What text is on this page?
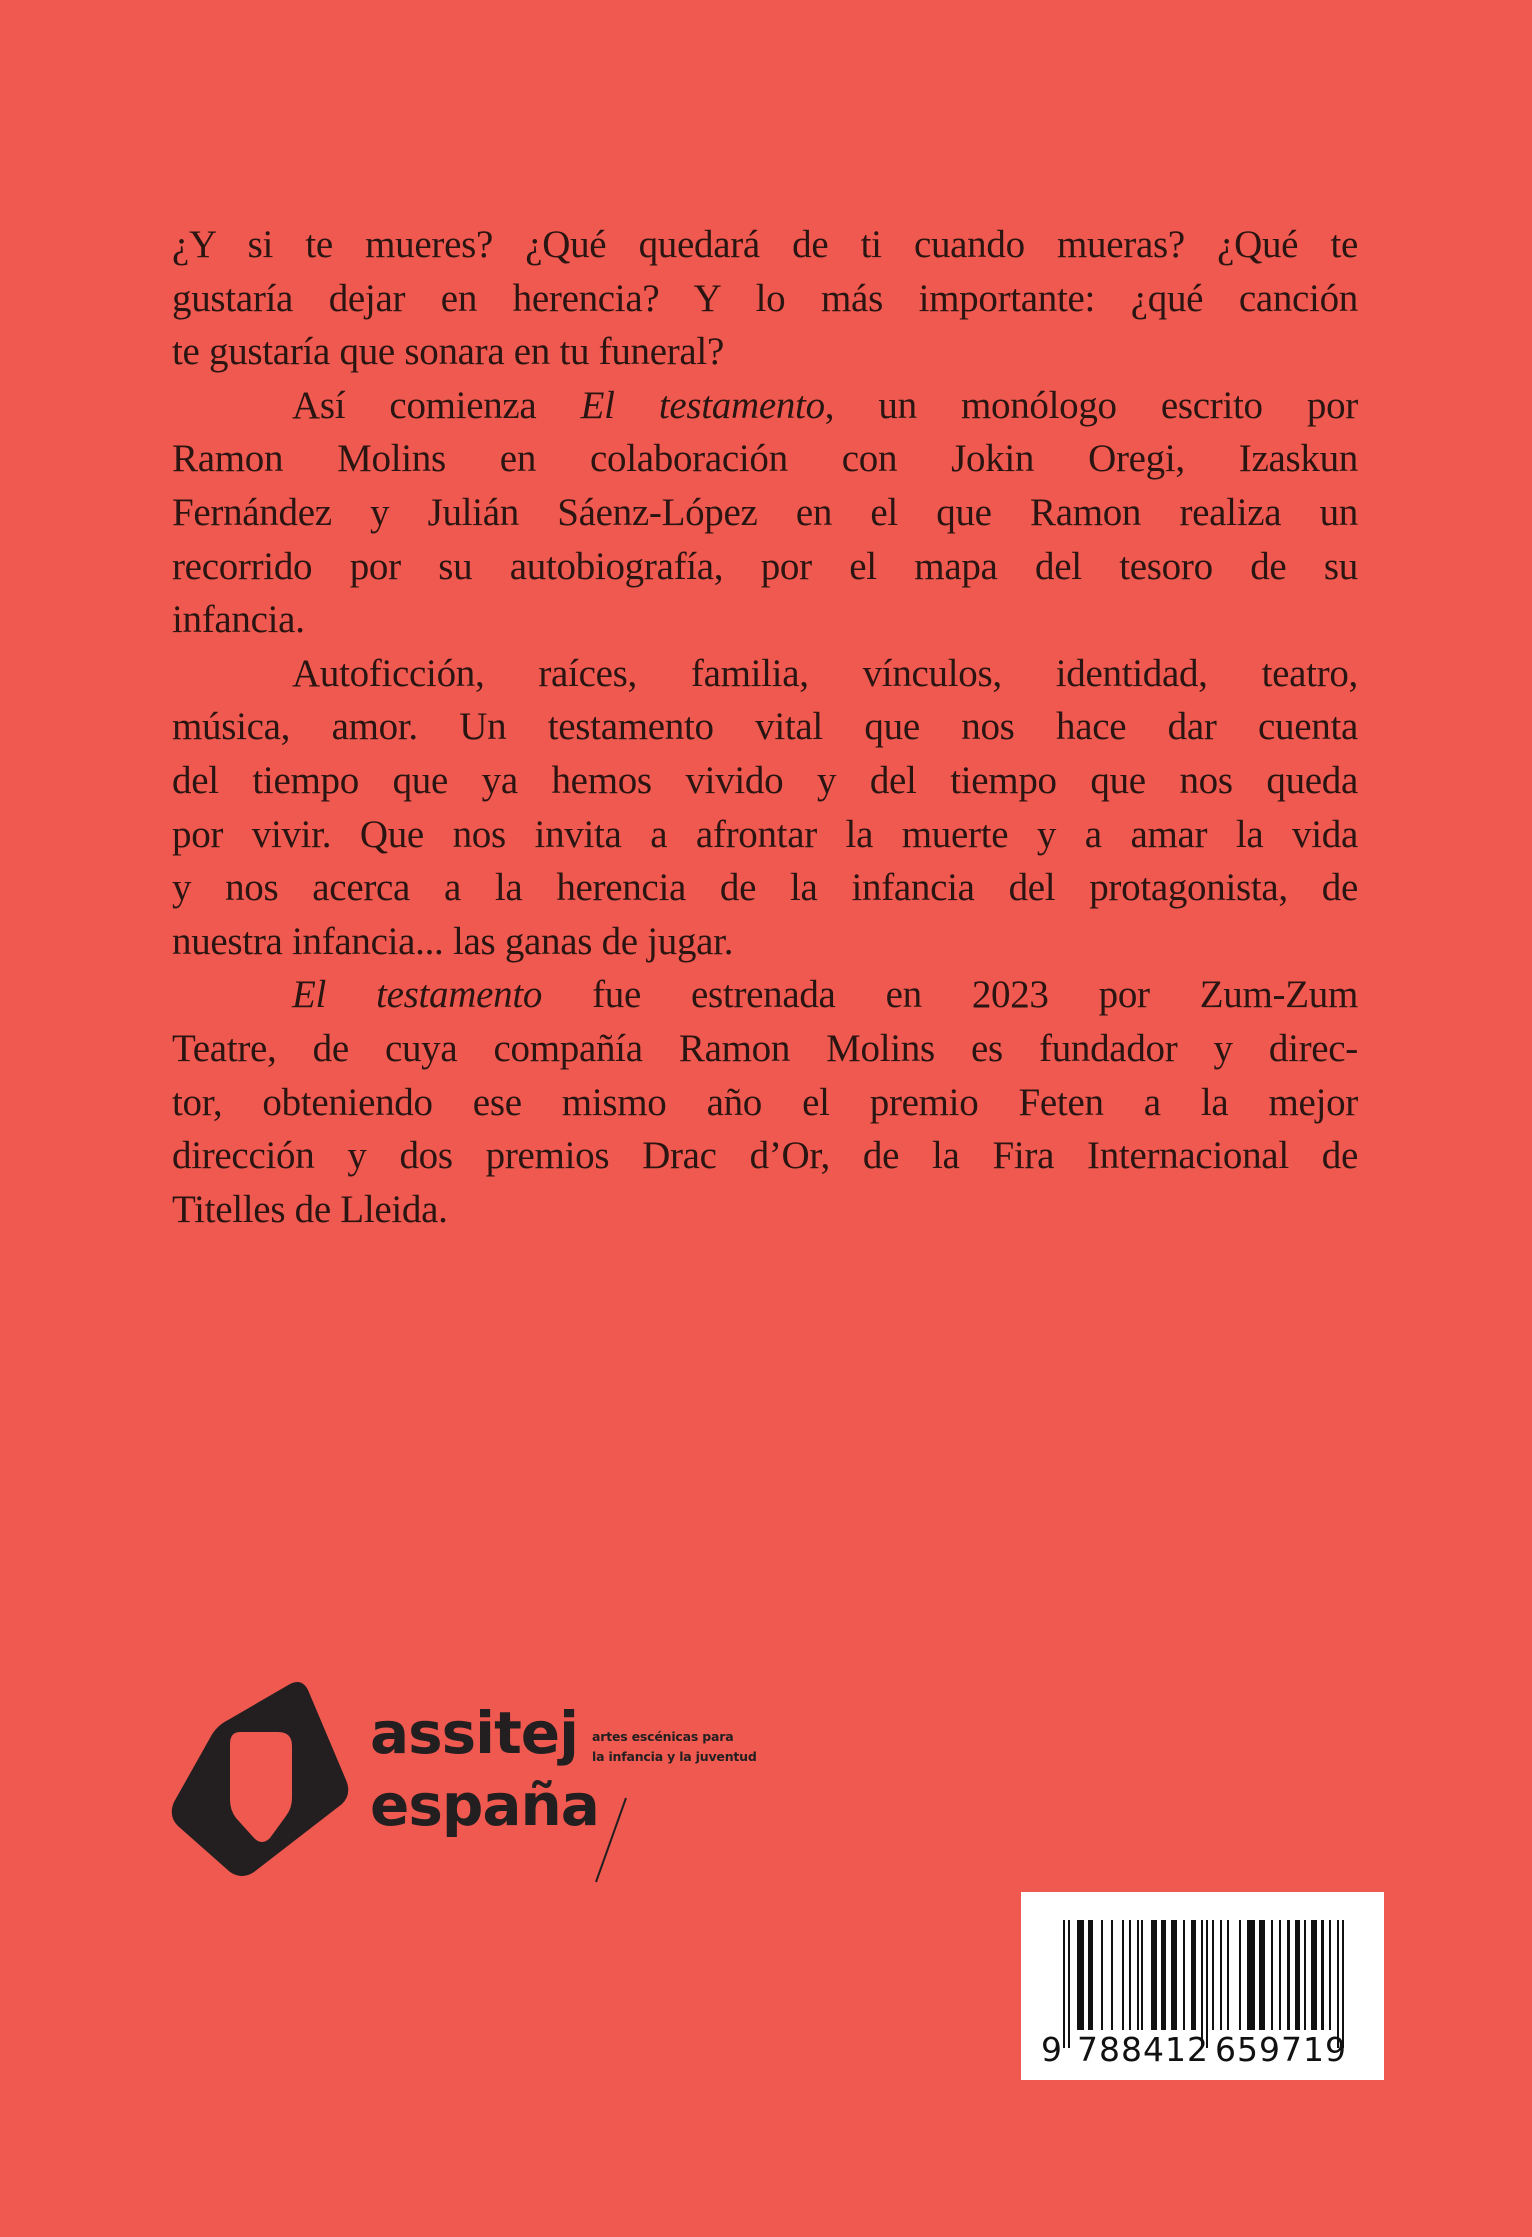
¿Y si te mueres? ¿Qué quedará de ti cuando mueras? ¿Qué te
gustaría dejar en herencia? Y lo más importante: ¿qué canción
te gustaría que sonara en tu funeral?
Así comienza El testamento, un monólogo escrito por
Ramon Molins en colaboración con Jokin Oregi, Izaskun
Fernández y Julián Sáenz-López en el que Ramon realiza un
recorrido por su autobiografía, por el mapa del tesoro de su
infancia.
Autoficción, raíces, familia, vínculos, identidad, teatro,
música, amor. Un testamento vital que nos hace dar cuenta
del tiempo que ya hemos vivido y del tiempo que nos queda
por vivir. Que nos invita a afrontar la muerte y a amar la vida
y nos acerca a la herencia de la infancia del protagonista, de
nuestra infancia... las ganas de jugar.
El testamento fue estrenada en 2023 por Zum-Zum
Teatre, de cuya compañía Ramon Molins es fundador y direc-
tor, obteniendo ese mismo año el premio Feten a la mejor
dirección y dos premios Drac d’Or, de la Fira Internacional de
Titelles de Lleida.
assitej
españa
artes escénicas para
la infancia y la juventud
9 788412 659719
